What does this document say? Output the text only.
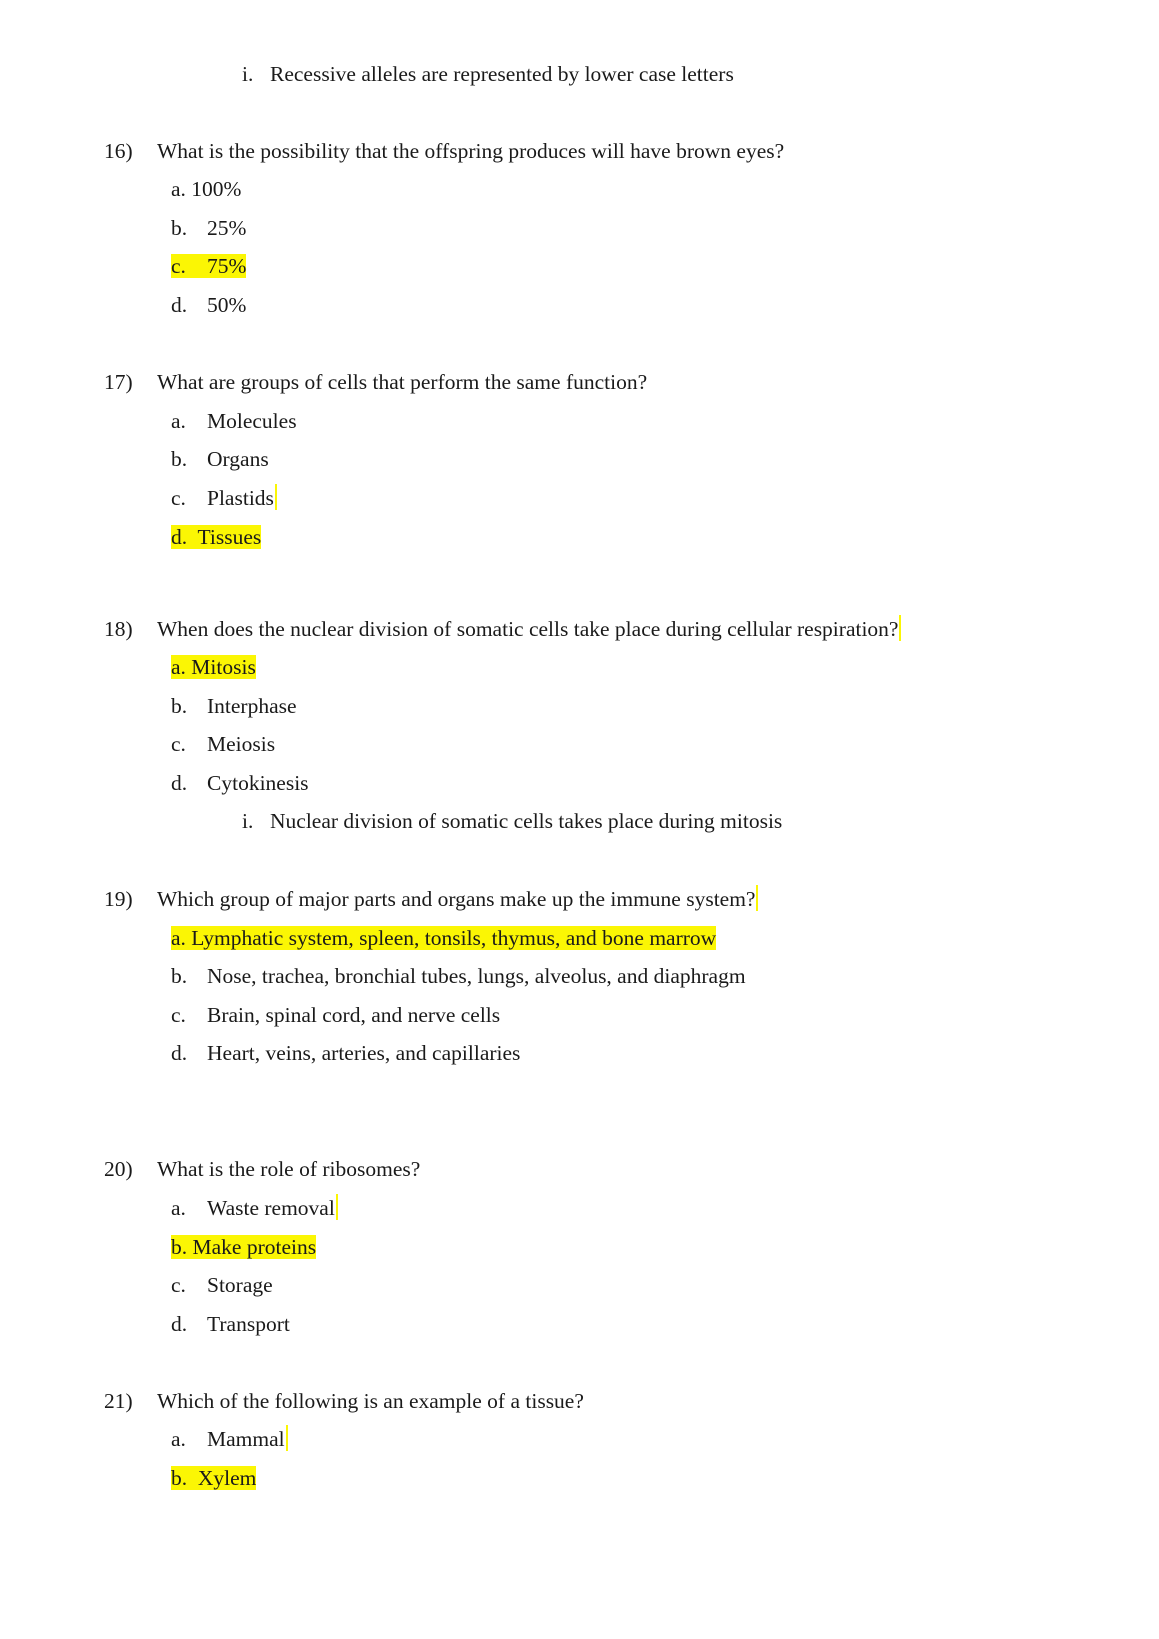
i. Recessive alleles are represented by lower case letters
16) What is the possibility that the offspring produces will have brown eyes?
a. 100%
b. 25%
c. 75%
d. 50%
17) What are groups of cells that perform the same function?
a. Molecules
b. Organs
c. Plastids
d.  Tissues
18) When does the nuclear division of somatic cells take place during cellular respiration?
a. Mitosis
b. Interphase
c. Meiosis
d. Cytokinesis
i. Nuclear division of somatic cells takes place during mitosis
19) Which group of major parts and organs make up the immune system?
a. Lymphatic system, spleen, tonsils, thymus, and bone marrow
b. Nose, trachea, bronchial tubes, lungs, alveolus, and diaphragm
c. Brain, spinal cord, and nerve cells
d. Heart, veins, arteries, and capillaries
20) What is the role of ribosomes?
a. Waste removal
b. Make proteins
c. Storage
d. Transport
21) Which of the following is an example of a tissue?
a. Mammal
b.  Xylem
